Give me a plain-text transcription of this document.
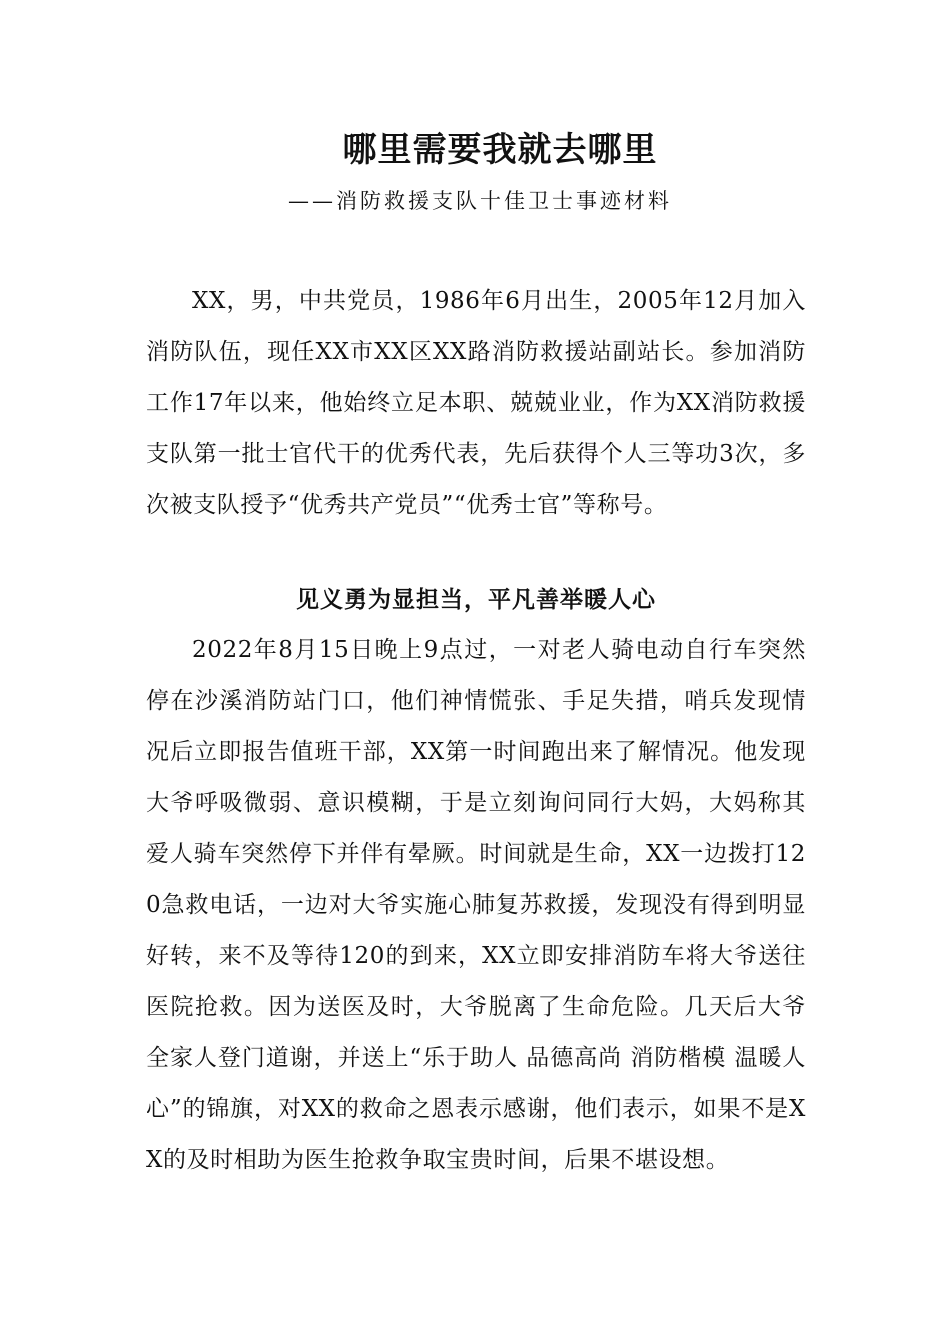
哪里需要我就去哪里
——消防救援支队十佳卫士事迹材料

XX，男，中共党员，1986年6月出生，2005年12月加入消防队伍，现任XX市XX区XX路消防救援站副站长。参加消防工作17年以来，他始终立足本职、兢兢业业，作为XX消防救援支队第一批士官代干的优秀代表，先后获得个人三等功3次，多次被支队授予“优秀共产党员”“优秀士官”等称号。

见义勇为显担当，平凡善举暖人心

2022年8月15日晚上9点过，一对老人骑电动自行车突然停在沙溪消防站门口，他们神情慌张、手足失措，哨兵发现情况后立即报告值班干部，XX第一时间跑出来了解情况。他发现大爷呼吸微弱、意识模糊，于是立刻询问同行大妈，大妈称其爱人骑车突然停下并伴有晕厥。时间就是生命，XX一边拨打120急救电话，一边对大爷实施心肺复苏救援，发现没有得到明显好转，来不及等待120的到来，XX立即安排消防车将大爷送往医院抢救。因为送医及时，大爷脱离了生命危险。几天后大爷全家人登门道谢，并送上“乐于助人 品德高尚 消防楷模 温暖人心”的锦旗，对XX的救命之恩表示感谢，他们表示，如果不是XX的及时相助为医生抢救争取宝贵时间，后果不堪设想。
